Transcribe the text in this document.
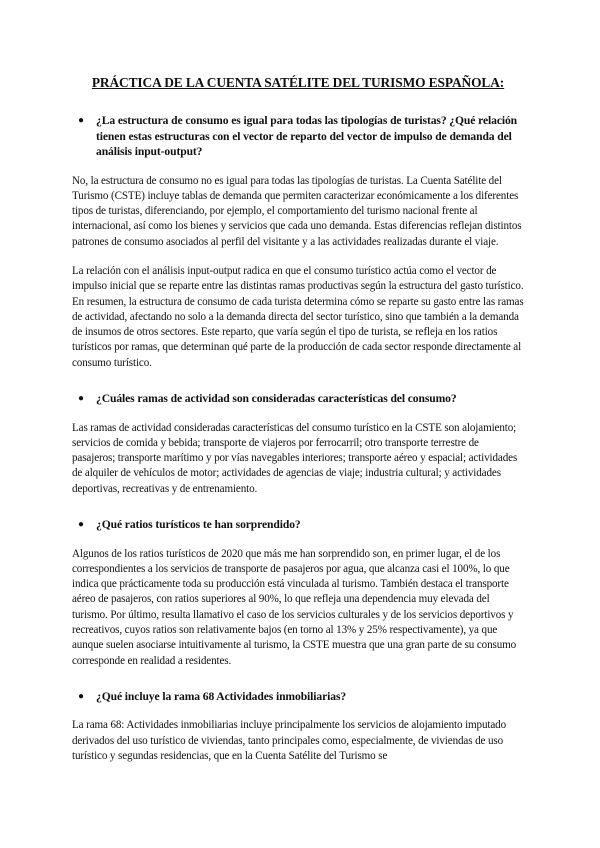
PRÁCTICA DE LA CUENTA SATÉLITE DEL TURISMO ESPAÑOLA:

● ¿La estructura de consumo es igual para todas las tipologías de turistas? ¿Qué relación tienen estas estructuras con el vector de reparto del vector de impulso de demanda del análisis input-output?

No, la estructura de consumo no es igual para todas las tipologías de turistas. La Cuenta Satélite del Turismo (CSTE) incluye tablas de demanda que permiten caracterizar económicamente a los diferentes tipos de turistas, diferenciando, por ejemplo, el comportamiento del turismo nacional frente al internacional, así como los bienes y servicios que cada uno demanda. Estas diferencias reflejan distintos patrones de consumo asociados al perfil del visitante y a las actividades realizadas durante el viaje.

La relación con el análisis input-output radica en que el consumo turístico actúa como el vector de impulso inicial que se reparte entre las distintas ramas productivas según la estructura del gasto turístico. En resumen, la estructura de consumo de cada turista determina cómo se reparte su gasto entre las ramas de actividad, afectando no solo a la demanda directa del sector turístico, sino que también a la demanda de insumos de otros sectores. Este reparto, que varía según el tipo de turista, se refleja en los ratios turísticos por ramas, que determinan qué parte de la producción de cada sector responde directamente al consumo turístico.

● ¿Cuáles ramas de actividad son consideradas características del consumo?

Las ramas de actividad consideradas características del consumo turístico en la CSTE son alojamiento; servicios de comida y bebida; transporte de viajeros por ferrocarril; otro transporte terrestre de pasajeros; transporte marítimo y por vías navegables interiores; transporte aéreo y espacial; actividades de alquiler de vehículos de motor; actividades de agencias de viaje; industria cultural; y actividades deportivas, recreativas y de entrenamiento.

● ¿Qué ratios turísticos te han sorprendido?

Algunos de los ratios turísticos de 2020 que más me han sorprendido son, en primer lugar, el de los correspondientes a los servicios de transporte de pasajeros por agua, que alcanza casi el 100%, lo que indica que prácticamente toda su producción está vinculada al turismo. También destaca el transporte aéreo de pasajeros, con ratios superiores al 90%, lo que refleja una dependencia muy elevada del turismo. Por último, resulta llamativo el caso de los servicios culturales y de los servicios deportivos y recreativos, cuyos ratios son relativamente bajos (en torno al 13% y 25% respectivamente), ya que aunque suelen asociarse intuitivamente al turismo, la CSTE muestra que una gran parte de su consumo corresponde en realidad a residentes.

● ¿Qué incluye la rama 68 Actividades inmobiliarias?

La rama 68: Actividades inmobiliarias incluye principalmente los servicios de alojamiento imputado derivados del uso turístico de viviendas, tanto principales como, especialmente, de viviendas de uso turístico y segundas residencias, que en la Cuenta Satélite del Turismo se
